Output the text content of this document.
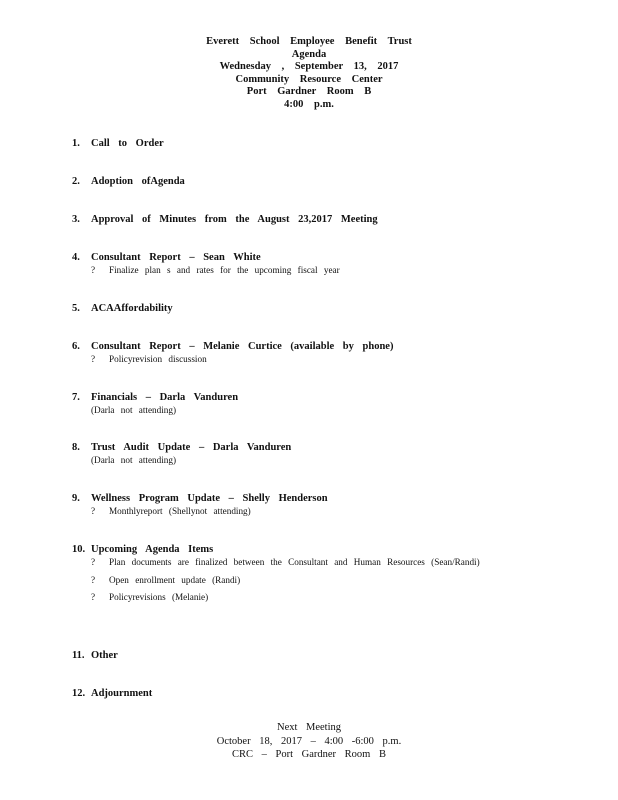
Everett School Employee Benefit Trust
Agenda
Wednesday , September 13, 2017
Community Resource Center
Port Gardner Room B
4:00 p.m.
1. Call to Order
2. Adoption ofAgenda
3. Approval of Minutes from the August 23,2017 Meeting
4. Consultant Report – Sean White
?	Finalize plan s and rates for the upcoming fiscal year
5. ACAAffordability
6. Consultant Report – Melanie Curtice (available by phone)
?	Policyrevision discussion
7. Financials – Darla Vanduren
(Darla not attending)
8. Trust Audit Update – Darla Vanduren
(Darla not attending)
9. Wellness Program Update – Shelly Henderson
?	Monthlyreport (Shellynot attending)
10. Upcoming Agenda Items
?	Plan documents are finalized between the Consultant and Human Resources (Sean/Randi)
?	Open enrollment update (Randi)
?	Policyrevisions (Melanie)
11. Other
12. Adjournment
Next Meeting
October 18, 2017 – 4:00 -6:00 p.m.
CRC – Port Gardner Room B
